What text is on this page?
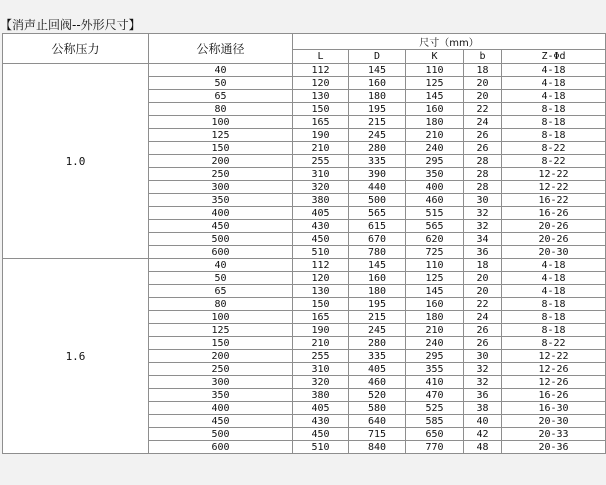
【消声止回阀--外形尺寸】
公称压力	公称通径	尺寸（mm）				
		L	D	K	b	Z-Φd
1.0	40	112	145	110	18	4-18
	50	120	160	125	20	4-18
	65	130	180	145	20	4-18
	80	150	195	160	22	8-18
	100	165	215	180	24	8-18
	125	190	245	210	26	8-18
	150	210	280	240	26	8-22
	200	255	335	295	28	8-22
	250	310	390	350	28	12-22
	300	320	440	400	28	12-22
	350	380	500	460	30	16-22
	400	405	565	515	32	16-26
	450	430	615	565	32	20-26
	500	450	670	620	34	20-26
	600	510	780	725	36	20-30
1.6	40	112	145	110	18	4-18
	50	120	160	125	20	4-18
	65	130	180	145	20	4-18
	80	150	195	160	22	8-18
	100	165	215	180	24	8-18
	125	190	245	210	26	8-18
	150	210	280	240	26	8-22
	200	255	335	295	30	12-22
	250	310	405	355	32	12-26
	300	320	460	410	32	12-26
	350	380	520	470	36	16-26
	400	405	580	525	38	16-30
	450	430	640	585	40	20-30
	500	450	715	650	42	20-33
	600	510	840	770	48	20-36
